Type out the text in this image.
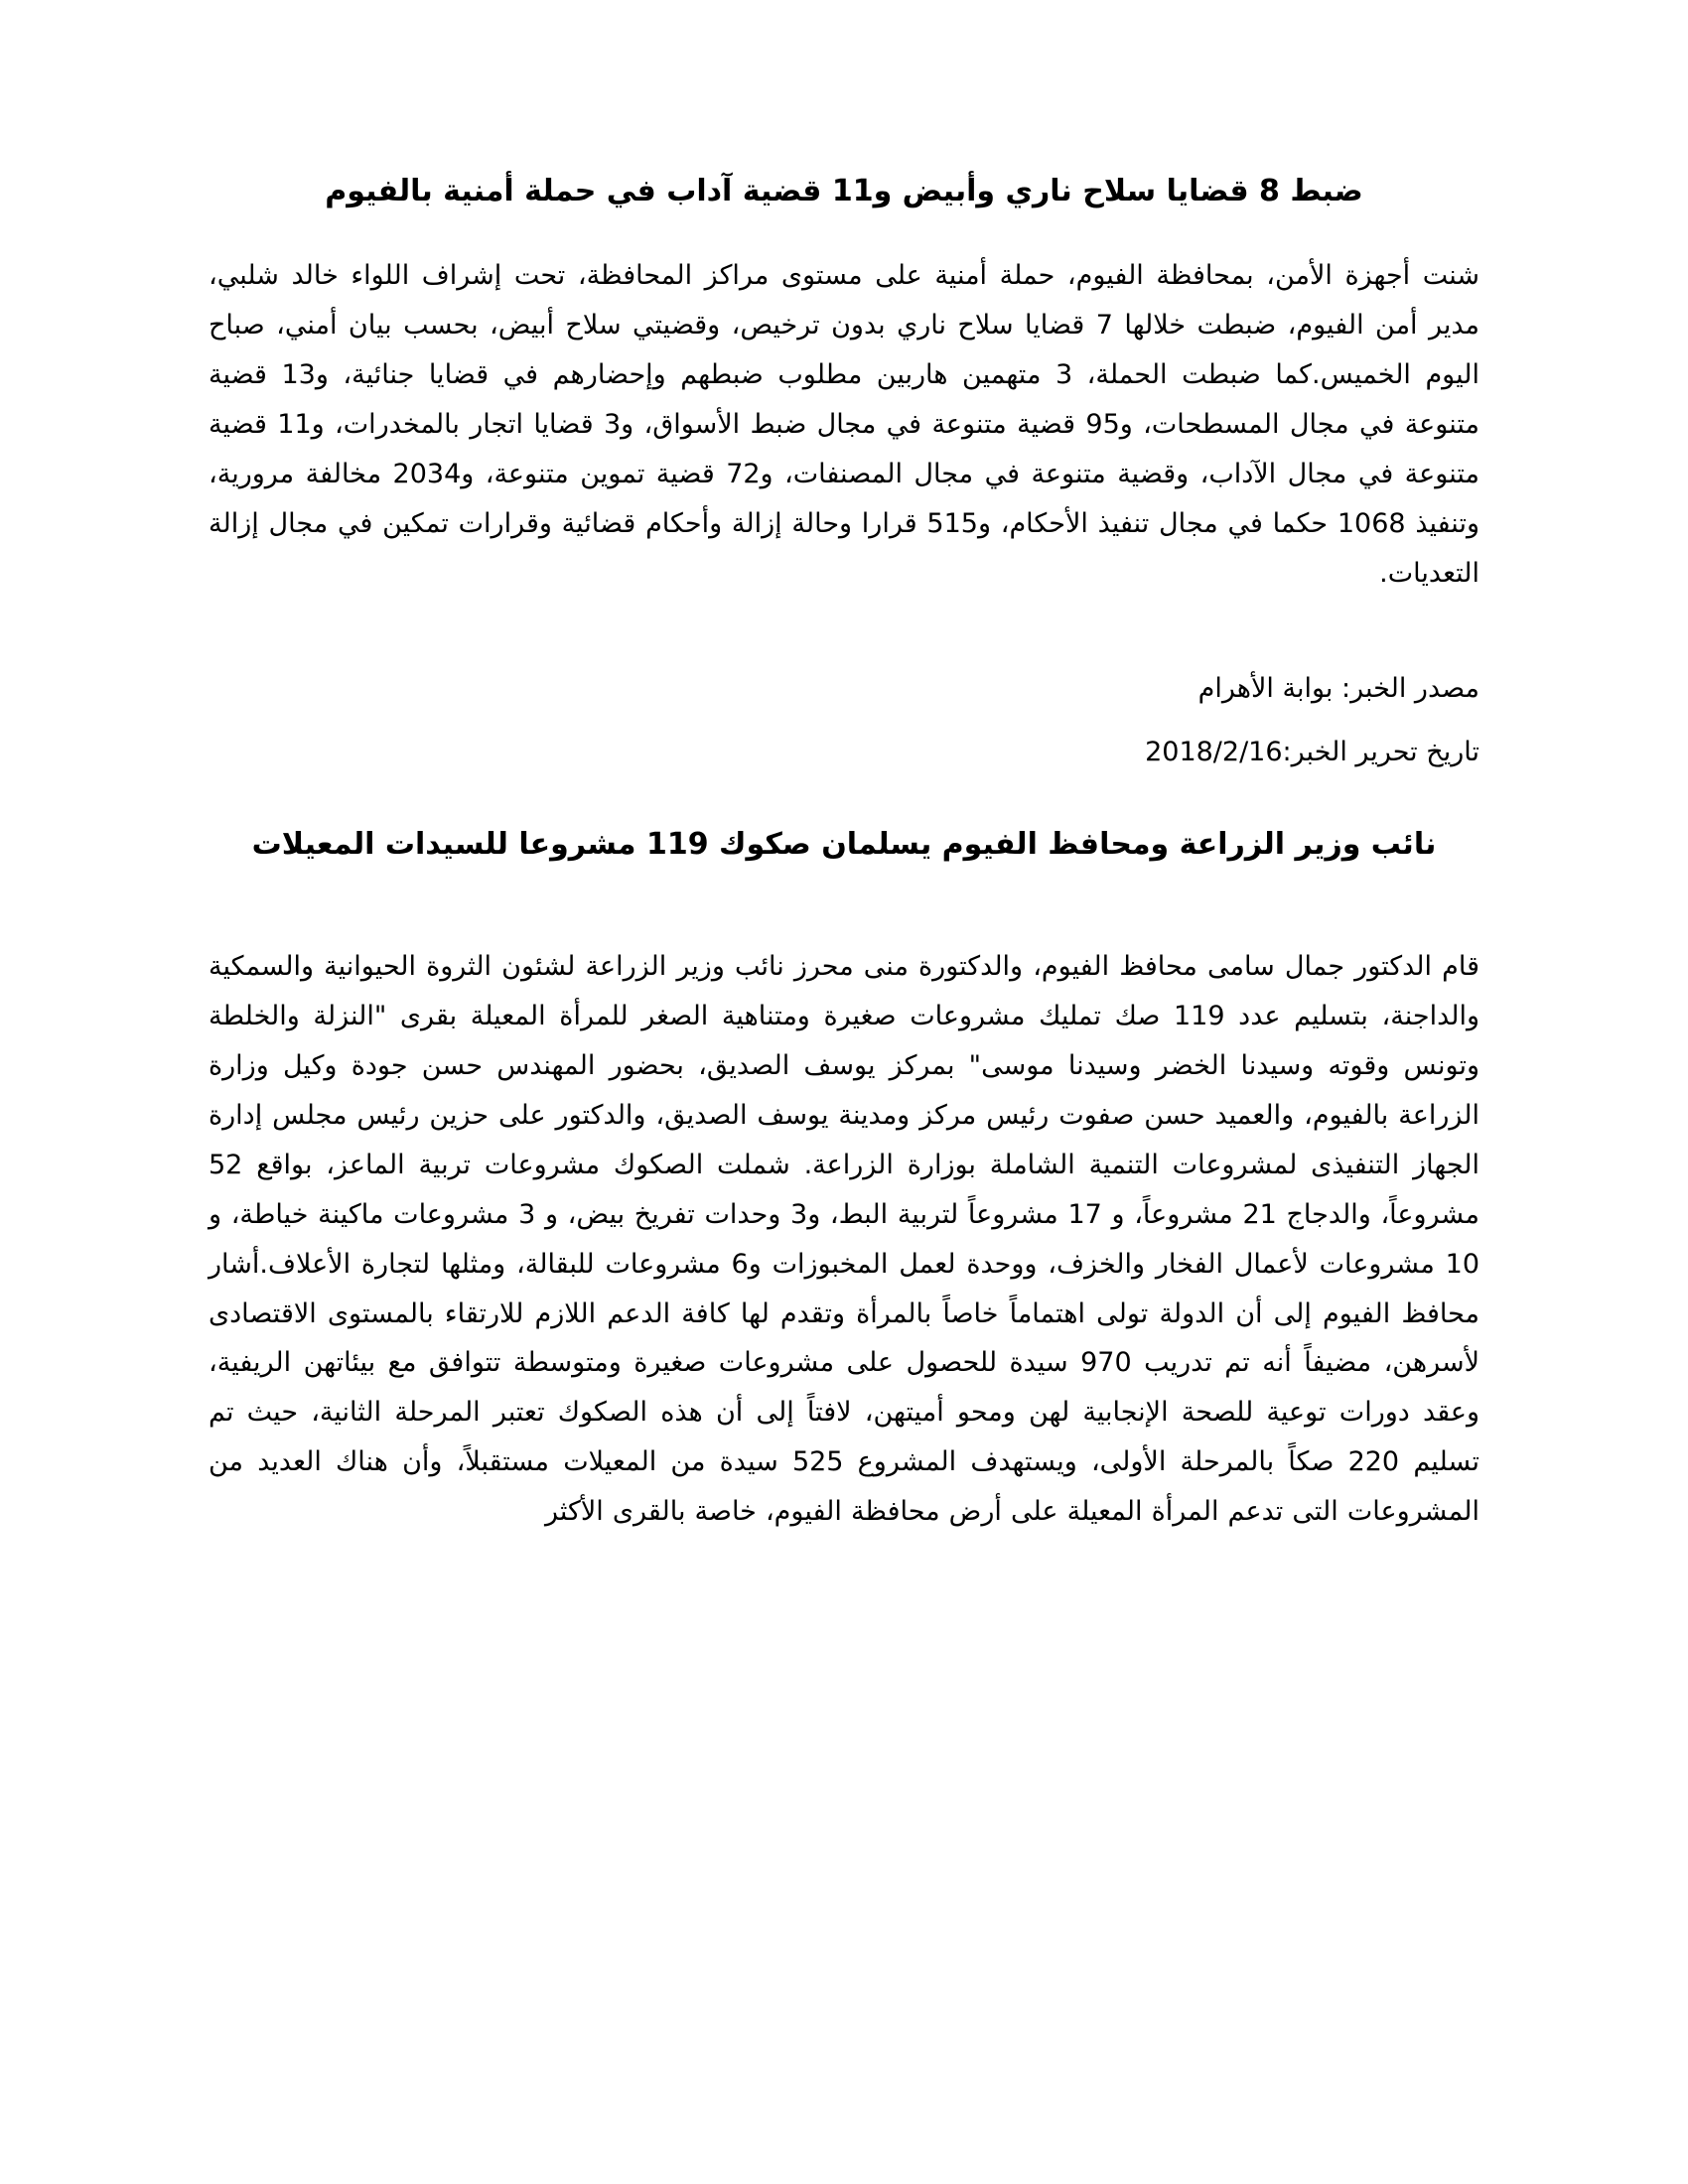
ضبط 8 قضايا سلاح ناري وأبيض و11 قضية آداب في حملة أمنية بالفيوم

شنت أجهزة الأمن، بمحافظة الفيوم، حملة أمنية على مستوى مراكز المحافظة، تحت إشراف اللواء خالد شلبي، مدير أمن الفيوم، ضبطت خلالها 7 قضايا سلاح ناري بدون ترخيص، وقضيتي سلاح أبيض، بحسب بيان أمني، صباح اليوم الخميس.كما ضبطت الحملة، 3 متهمين هاربين مطلوب ضبطهم وإحضارهم في قضايا جنائية، و13 قضية متنوعة في مجال المسطحات، و95 قضية متنوعة في مجال ضبط الأسواق، و3 قضايا اتجار بالمخدرات، و11 قضية متنوعة في مجال الآداب، وقضية متنوعة في مجال المصنفات، و72 قضية تموين متنوعة، و2034 مخالفة مرورية، وتنفيذ 1068 حكما في مجال تنفيذ الأحكام، و515 قرارا وحالة إزالة وأحكام قضائية وقرارات تمكين في مجال إزالة التعديات.

مصدر الخبر: بوابة الأهرام

تاريخ تحرير الخبر:2018/2/16

نائب وزير الزراعة ومحافظ الفيوم يسلمان صكوك 119 مشروعا للسيدات المعيلات

قام الدكتور جمال سامى محافظ الفيوم، والدكتورة منى محرز نائب وزير الزراعة لشئون الثروة الحيوانية والسمكية والداجنة، بتسليم عدد 119 صك تمليك مشروعات صغيرة ومتناهية الصغر للمرأة المعيلة بقرى "النزلة والخلطة وتونس وقوته وسيدنا الخضر وسيدنا موسى" بمركز يوسف الصديق، بحضور المهندس حسن جودة وكيل وزارة الزراعة بالفيوم، والعميد حسن صفوت رئيس مركز ومدينة يوسف الصديق، والدكتور على حزين رئيس مجلس إدارة الجهاز التنفيذى لمشروعات التنمية الشاملة بوزارة الزراعة. شملت الصكوك مشروعات تربية الماعز، بواقع 52 مشروعاً، والدجاج 21 مشروعاً، و 17 مشروعاً لتربية البط، و3 وحدات تفريخ بيض، و 3 مشروعات ماكينة خياطة، و 10 مشروعات لأعمال الفخار والخزف، ووحدة لعمل المخبوزات و6 مشروعات للبقالة، ومثلها لتجارة الأعلاف.أشار محافظ الفيوم إلى أن الدولة تولى اهتماماً خاصاً بالمرأة وتقدم لها كافة الدعم اللازم للارتقاء بالمستوى الاقتصادى لأسرهن، مضيفاً أنه تم تدريب 970 سيدة للحصول على مشروعات صغيرة ومتوسطة تتوافق مع بيئاتهن الريفية، وعقد دورات توعية للصحة الإنجابية لهن ومحو أميتهن، لافتاً إلى أن هذه الصكوك تعتبر المرحلة الثانية، حيث تم تسليم 220 صكاً بالمرحلة الأولى، ويستهدف المشروع 525 سيدة من المعيلات مستقبلاً، وأن هناك العديد من المشروعات التى تدعم المرأة المعيلة على أرض محافظة الفيوم، خاصة بالقرى الأكثر
